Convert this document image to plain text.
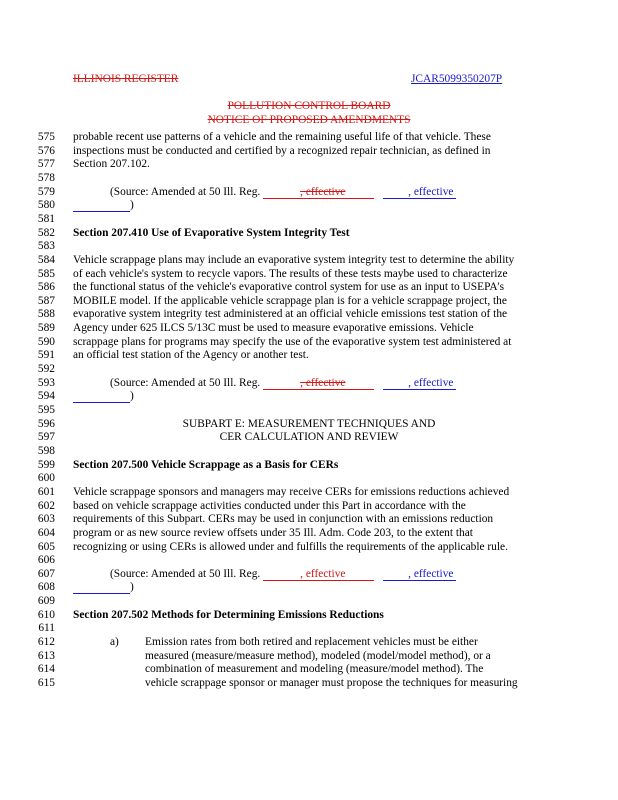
ILLINOIS REGISTER	JCAR5099350207P
POLLUTION CONTROL BOARD
NOTICE OF PROPOSED AMENDMENTS
575 probable recent use patterns of a vehicle and the remaining useful life of that vehicle. These
576 inspections must be conducted and certified by a recognized repair technician, as defined in
577 Section 207.102.
578
579	(Source: Amended at 50 Ill. Reg.	, effective	, effective
580	)
581
582 Section 207.410 Use of Evaporative System Integrity Test
583
584 Vehicle scrappage plans may include an evaporative system integrity test to determine the ability
585 of each vehicle's system to recycle vapors. The results of these tests maybe used to characterize
586 the functional status of the vehicle's evaporative control system for use as an input to USEPA's
587 MOBILE model. If the applicable vehicle scrappage plan is for a vehicle scrappage project, the
588 evaporative system integrity test administered at an official vehicle emissions test station of the
589 Agency under 625 ILCS 5/13C must be used to measure evaporative emissions. Vehicle
590 scrappage plans for programs may specify the use of the evaporative system test administered at
591 an official test station of the Agency or another test.
592
593	(Source: Amended at 50 Ill. Reg.	, effective	, effective
594	)
595
596	SUBPART E: MEASUREMENT TECHNIQUES AND
597	CER CALCULATION AND REVIEW
598
599 Section 207.500 Vehicle Scrappage as a Basis for CERs
600
601 Vehicle scrappage sponsors and managers may receive CERs for emissions reductions achieved
602 based on vehicle scrappage activities conducted under this Part in accordance with the
603 requirements of this Subpart. CERs may be used in conjunction with an emissions reduction
604 program or as new source review offsets under 35 Ill. Adm. Code 203, to the extent that
605 recognizing or using CERs is allowed under and fulfills the requirements of the applicable rule.
606
607	(Source: Amended at 50 Ill. Reg.	, effective	, effective
608	)
609
610 Section 207.502 Methods for Determining Emissions Reductions
611
612	a) Emission rates from both retired and replacement vehicles must be either
613	measured (measure/measure method), modeled (model/model method), or a
614	combination of measurement and modeling (measure/model method). The
615	vehicle scrappage sponsor or manager must propose the techniques for measuring
